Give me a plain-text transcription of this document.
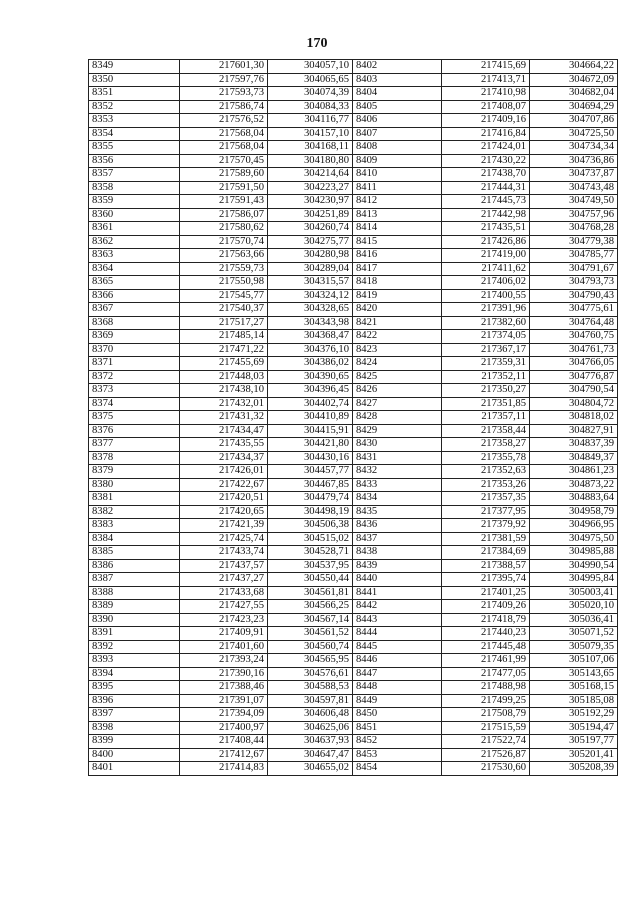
170
8349	217601,30	304057,10	8402	217415,69	304664,22
8350	217597,76	304065,65	8403	217413,71	304672,09
8351	217593,73	304074,39	8404	217410,98	304682,04
8352	217586,74	304084,33	8405	217408,07	304694,29
8353	217576,52	304116,77	8406	217409,16	304707,86
8354	217568,04	304157,10	8407	217416,84	304725,50
8355	217568,04	304168,11	8408	217424,01	304734,34
8356	217570,45	304180,80	8409	217430,22	304736,86
8357	217589,60	304214,64	8410	217438,70	304737,87
8358	217591,50	304223,27	8411	217444,31	304743,48
8359	217591,43	304230,97	8412	217445,73	304749,50
8360	217586,07	304251,89	8413	217442,98	304757,96
8361	217580,62	304260,74	8414	217435,51	304768,28
8362	217570,74	304275,77	8415	217426,86	304779,38
8363	217563,66	304280,98	8416	217419,00	304785,77
8364	217559,73	304289,04	8417	217411,62	304791,67
8365	217550,98	304315,57	8418	217406,02	304793,73
8366	217545,77	304324,12	8419	217400,55	304790,43
8367	217540,37	304328,65	8420	217391,96	304775,61
8368	217517,27	304343,98	8421	217382,60	304764,48
8369	217485,14	304368,47	8422	217374,05	304760,75
8370	217471,22	304376,10	8423	217367,17	304761,73
8371	217455,69	304386,02	8424	217359,31	304766,05
8372	217448,03	304390,65	8425	217352,11	304776,87
8373	217438,10	304396,45	8426	217350,27	304790,54
8374	217432,01	304402,74	8427	217351,85	304804,72
8375	217431,32	304410,89	8428	217357,11	304818,02
8376	217434,47	304415,91	8429	217358,44	304827,91
8377	217435,55	304421,80	8430	217358,27	304837,39
8378	217434,37	304430,16	8431	217355,78	304849,37
8379	217426,01	304457,77	8432	217352,63	304861,23
8380	217422,67	304467,85	8433	217353,26	304873,22
8381	217420,51	304479,74	8434	217357,35	304883,64
8382	217420,65	304498,19	8435	217377,95	304958,79
8383	217421,39	304506,38	8436	217379,92	304966,95
8384	217425,74	304515,02	8437	217381,59	304975,50
8385	217433,74	304528,71	8438	217384,69	304985,88
8386	217437,57	304537,95	8439	217388,57	304990,54
8387	217437,27	304550,44	8440	217395,74	304995,84
8388	217433,68	304561,81	8441	217401,25	305003,41
8389	217427,55	304566,25	8442	217409,26	305020,10
8390	217423,23	304567,14	8443	217418,79	305036,41
8391	217409,91	304561,52	8444	217440,23	305071,52
8392	217401,60	304560,74	8445	217445,48	305079,35
8393	217393,24	304565,95	8446	217461,99	305107,06
8394	217390,16	304576,61	8447	217477,05	305143,65
8395	217388,46	304588,53	8448	217488,98	305168,15
8396	217391,07	304597,81	8449	217499,25	305185,08
8397	217394,09	304606,48	8450	217508,79	305192,29
8398	217400,97	304625,06	8451	217515,59	305194,47
8399	217408,44	304637,93	8452	217522,74	305197,77
8400	217412,67	304647,47	8453	217526,87	305201,41
8401	217414,83	304655,02	8454	217530,60	305208,39
